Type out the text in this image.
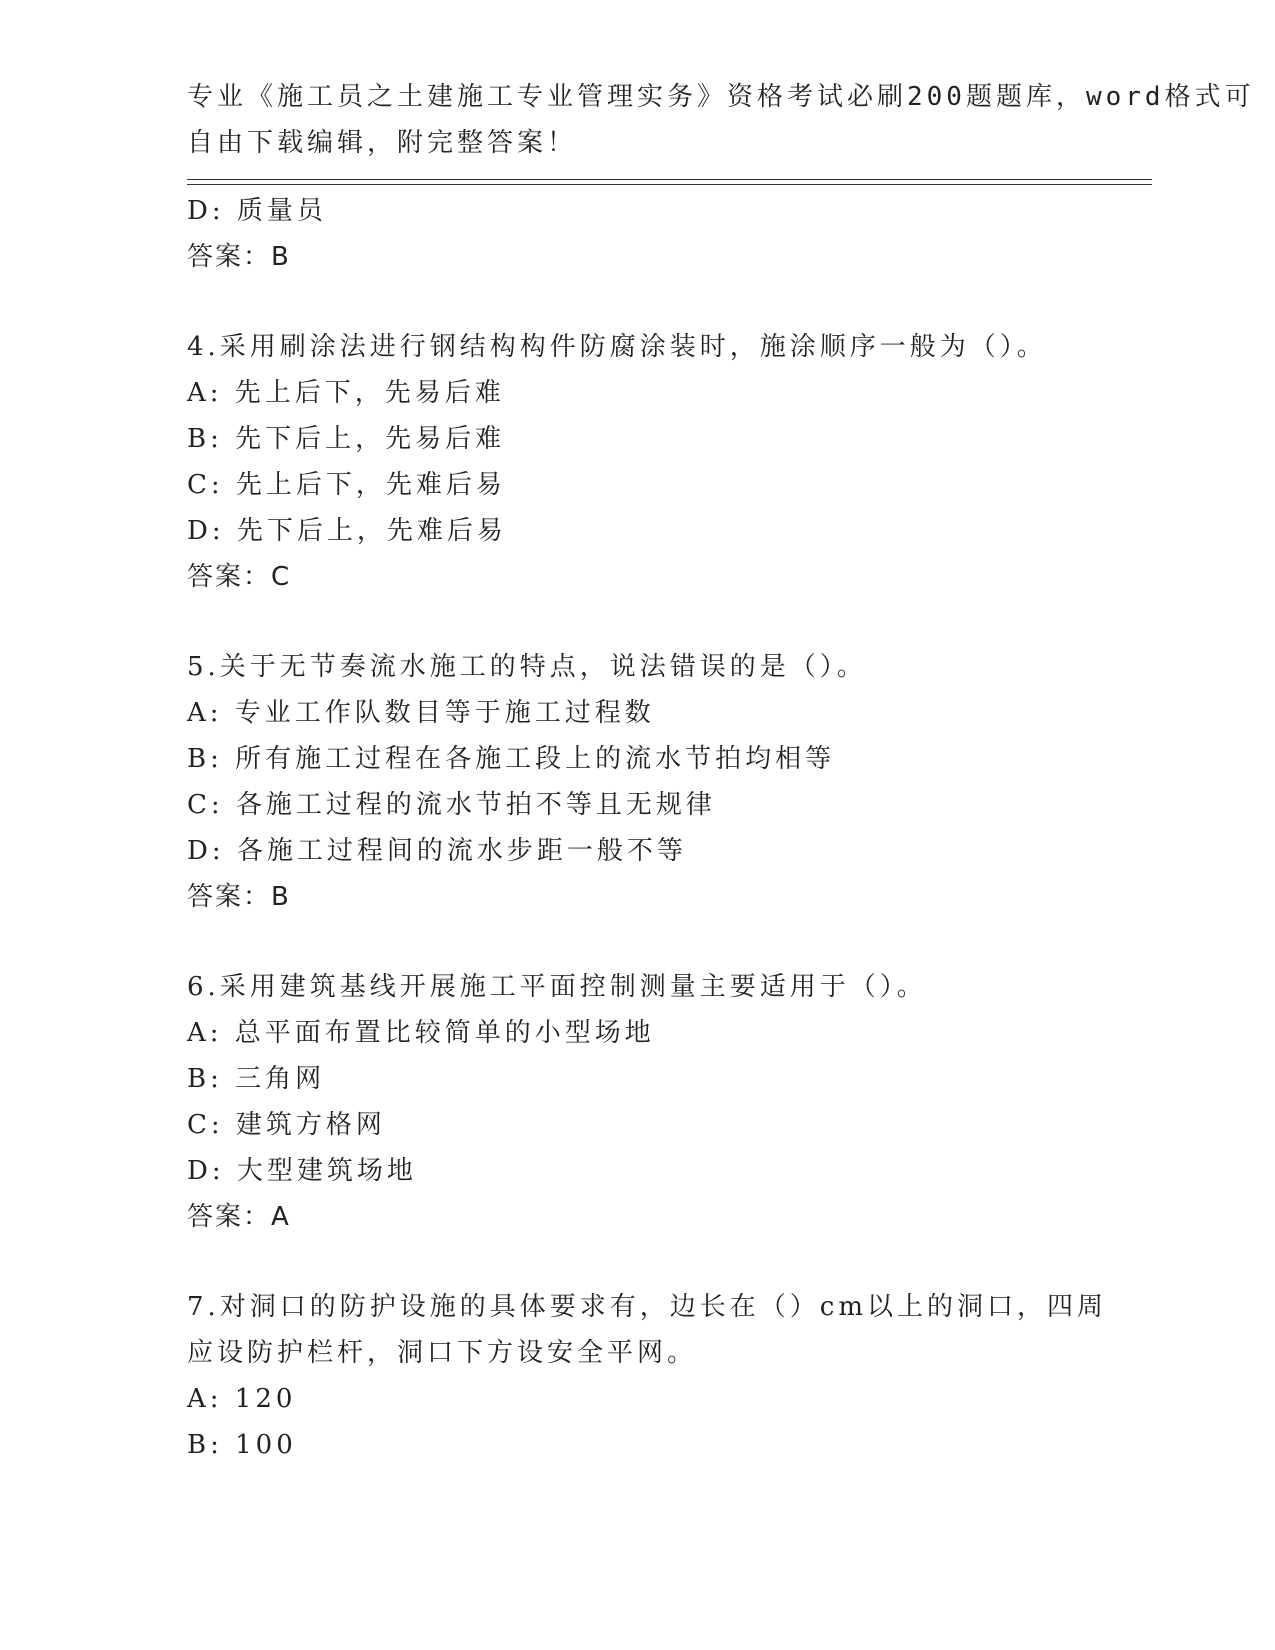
专业《施工员之土建施工专业管理实务》资格考试必刷200题题库，word格式可
自由下载编辑，附完整答案！
D: 质量员
答案：B
4.采用刷涂法进行钢结构构件防腐涂装时，施涂顺序一般为（）。
A: 先上后下，先易后难
B: 先下后上，先易后难
C: 先上后下，先难后易
D: 先下后上，先难后易
答案：C
5.关于无节奏流水施工的特点，说法错误的是（）。
A: 专业工作队数目等于施工过程数
B: 所有施工过程在各施工段上的流水节拍均相等
C: 各施工过程的流水节拍不等且无规律
D: 各施工过程间的流水步距一般不等
答案：B
6.采用建筑基线开展施工平面控制测量主要适用于（）。
A: 总平面布置比较简单的小型场地
B: 三角网
C: 建筑方格网
D: 大型建筑场地
答案：A
7.对洞口的防护设施的具体要求有，边长在（）cm以上的洞口，四周
应设防护栏杆，洞口下方设安全平网。
A: 120
B: 100
